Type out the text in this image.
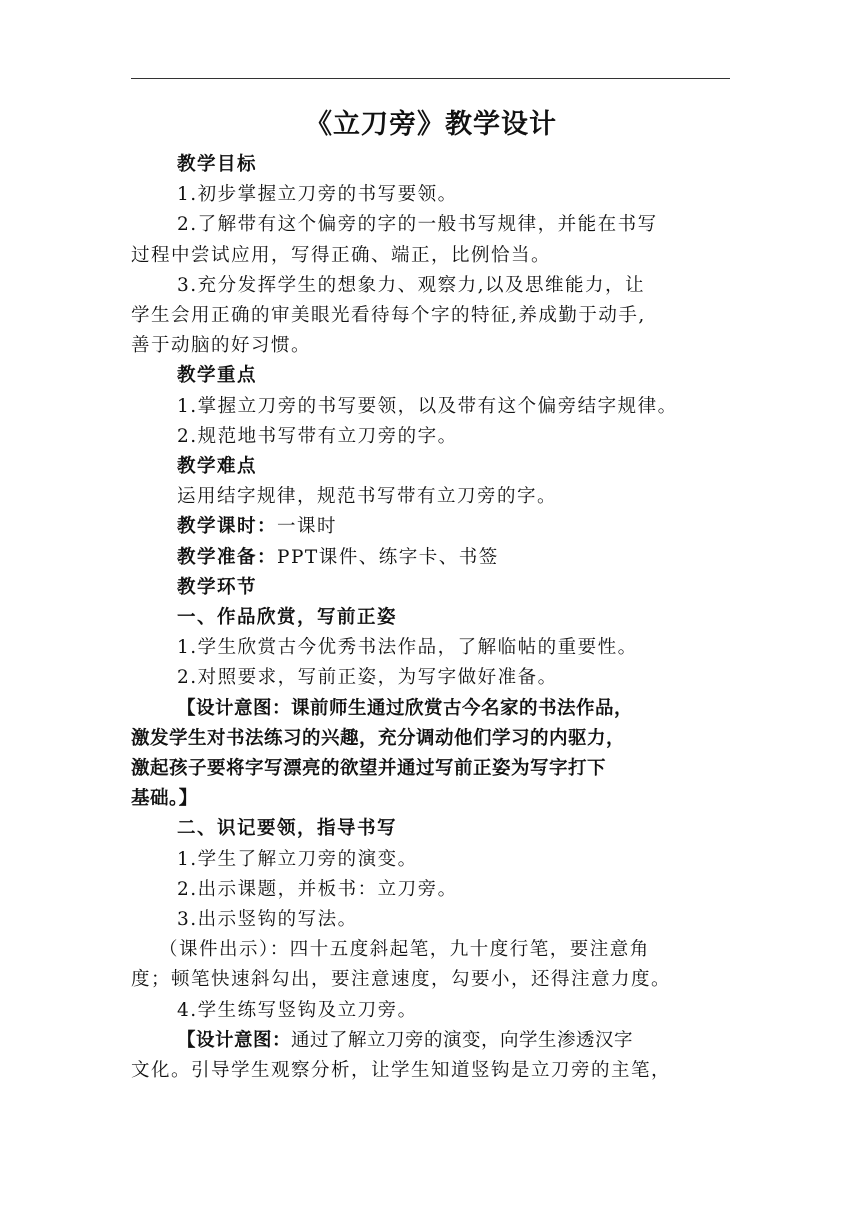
《立刀旁》教学设计

教学目标

1.初步掌握立刀旁的书写要领。

2.了解带有这个偏旁的字的一般书写规律，并能在书写

过程中尝试应用，写得正确、端正，比例恰当。

3.充分发挥学生的想象力、观察力,以及思维能力，让

学生会用正确的审美眼光看待每个字的特征,养成勤于动手,

善于动脑的好习惯。

教学重点

1.掌握立刀旁的书写要领，以及带有这个偏旁结字规律。

2.规范地书写带有立刀旁的字。

教学难点

运用结字规律，规范书写带有立刀旁的字。

教学课时：一课时

教学准备：PPT课件、练字卡、书签

教学环节

一、作品欣赏，写前正姿

1.学生欣赏古今优秀书法作品，了解临帖的重要性。

2.对照要求，写前正姿，为写字做好准备。

【设计意图：课前师生通过欣赏古今名家的书法作品，

激发学生对书法练习的兴趣，充分调动他们学习的内驱力，

激起孩子要将字写漂亮的欲望并通过写前正姿为写字打下

基础。】

二、识记要领，指导书写

1.学生了解立刀旁的演变。

2.出示课题，并板书：立刀旁。

3.出示竖钩的写法。

（课件出示）：四十五度斜起笔，九十度行笔，要注意角

度；顿笔快速斜勾出，要注意速度，勾要小，还得注意力度。

4.学生练写竖钩及立刀旁。

【设计意图：通过了解立刀旁的演变，向学生渗透汉字

文化。引导学生观察分析，让学生知道竖钩是立刀旁的主笔，
